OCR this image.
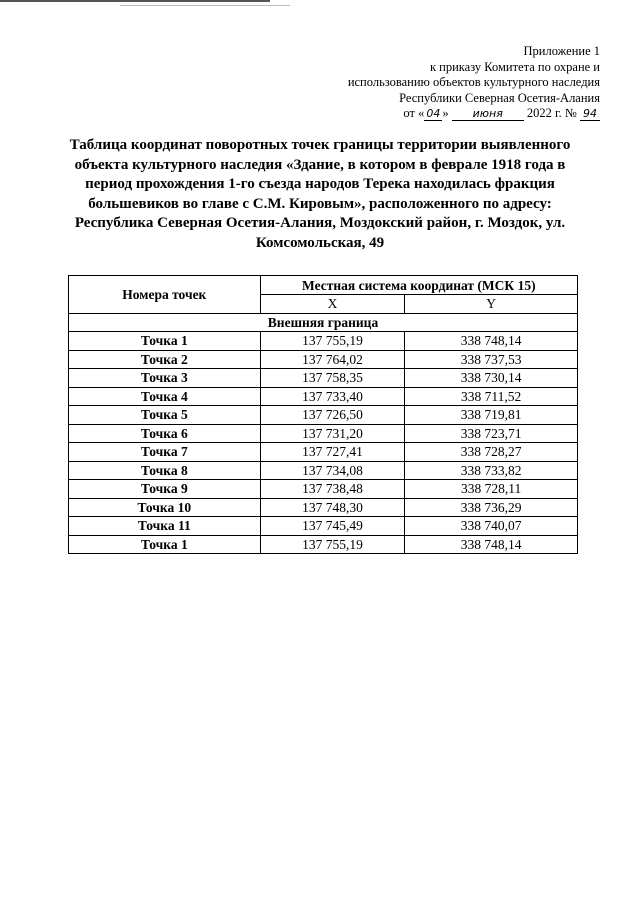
Приложение 1
к приказу Комитета по охране и
использованию объектов культурного наследия
Республики Северная Осетия-Алания
от « 04 » июня 2022 г. № 94
Таблица координат поворотных точек границы территории выявленного объекта культурного наследия «Здание, в котором в феврале 1918 года в период прохождения 1-го съезда народов Терека находилась фракция большевиков во главе с С.М. Кировым», расположенного по адресу: Республика Северная Осетия-Алания, Моздокский район, г. Моздок, ул. Комсомольская, 49
Номера точек	Местная система координат (МСК 15)	
	X	Y
Внешняя граница		
Точка 1	137 755,19	338 748,14
Точка 2	137 764,02	338 737,53
Точка 3	137 758,35	338 730,14
Точка 4	137 733,40	338 711,52
Точка 5	137 726,50	338 719,81
Точка 6	137 731,20	338 723,71
Точка 7	137 727,41	338 728,27
Точка 8	137 734,08	338 733,82
Точка 9	137 738,48	338 728,11
Точка 10	137 748,30	338 736,29
Точка 11	137 745,49	338 740,07
Точка 1	137 755,19	338 748,14
